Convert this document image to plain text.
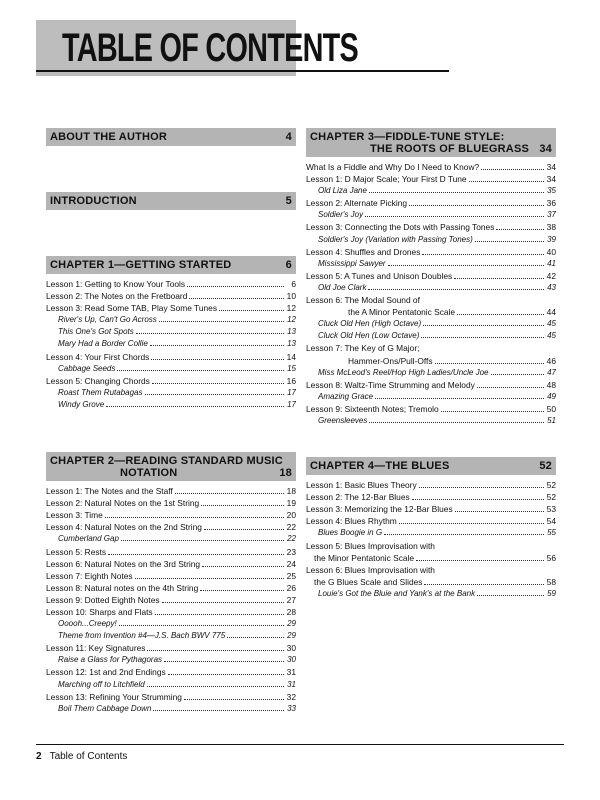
TABLE OF CONTENTS
ABOUT THE AUTHOR	4
INTRODUCTION	5
CHAPTER 1—GETTING STARTED	6
Lesson 1: Getting to Know Your Tools	6
Lesson 2: The Notes on the Fretboard	10
Lesson 3: Read Some TAB, Play Some Tunes	12
River's Up, Can't Go Across	12
This One's Got Spots	13
Mary Had a Border Collie	13
Lesson 4: Your First Chords	14
Cabbage Seeds	15
Lesson 5: Changing Chords	16
Roast Them Rutabagas	17
Windy Grove	17
CHAPTER 2—READING STANDARD MUSIC
NOTATION	18
Lesson 1: The Notes and the Staff	18
Lesson 2: Natural Notes on the 1st String	19
Lesson 3: Time	20
Lesson 4: Natural Notes on the 2nd String	22
Cumberland Gap	22
Lesson 5: Rests	23
Lesson 6: Natural Notes on the 3rd String	24
Lesson 7: Eighth Notes	25
Lesson 8: Natural notes on the 4th String	26
Lesson 9: Dotted Eighth Notes	27
Lesson 10: Sharps and Flats	28
Ooooh...Creepy!	29
Theme from Invention #4—J.S. Bach BWV 775	29
Lesson 11: Key Signatures	30
Raise a Glass for Pythagoras	30
Lesson 12: 1st and 2nd Endings	31
Marching off to Litchfield	31
Lesson 13: Refining Your Strumming	32
Boil Them Cabbage Down	33
CHAPTER 3—FIDDLE-TUNE STYLE:
THE ROOTS OF BLUEGRASS 34
What Is a Fiddle and Why Do I Need to Know?	34
Lesson 1: D Major Scale; Your First D Tune	34
Old Liza Jane	35
Lesson 2: Alternate Picking	36
Soldier's Joy	37
Lesson 3: Connecting the Dots with Passing Tones	38
Soldier's Joy (Variation with Passing Tones)	39
Lesson 4: Shuffles and Drones	40
Mississippi Sawyer	41
Lesson 5: A Tunes and Unison Doubles	42
Old Joe Clark	43
Lesson 6: The Modal Sound of
the A Minor Pentatonic Scale	44
Cluck Old Hen (High Octave)	45
Cluck Old Hen (Low Octave)	45
Lesson 7: The Key of G Major;
Hammer-Ons/Pull-Offs	46
Miss McLeod's Reel/Hop High Ladies/Uncle Joe	47
Lesson 8: Waltz-Time Strumming and Melody	48
Amazing Grace	49
Lesson 9: Sixteenth Notes; Tremolo	50
Greensleeves	51
CHAPTER 4—THE BLUES	52
Lesson 1: Basic Blues Theory	52
Lesson 2: The 12-Bar Blues	52
Lesson 3: Memorizing the 12-Bar Blues	53
Lesson 4: Blues Rhythm	54
Blues Boogie in G	55
Lesson 5: Blues Improvisation with
the Minor Pentatonic Scale	56
Lesson 6: Blues Improvisation with
the G Blues Scale and Slides	58
Louie's Got the Bluie and Yank's at the Bank	59
2 Table of Contents
